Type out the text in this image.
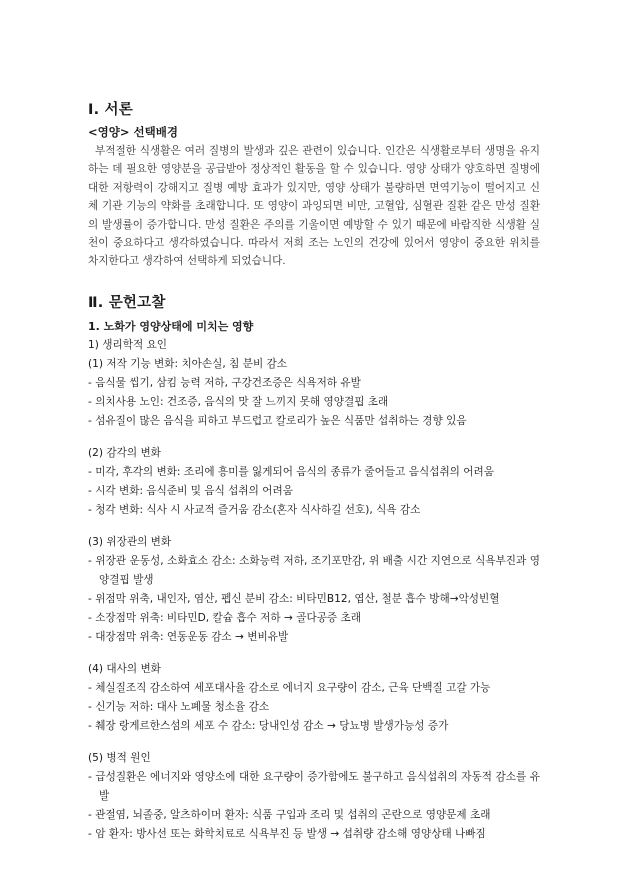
Ⅰ. 서론
<영양> 선택배경

부적절한 식생활은 여러 질병의 발생과 깊은 관련이 있습니다. 인간은 식생활로부터 생명을 유지하는 데 필요한 영양분을 공급받아 정상적인 활동을 할 수 있습니다. 영양 상태가 양호하면 질병에 대한 저항력이 강해지고 질병 예방 효과가 있지만, 영양 상태가 불량하면 면역기능이 떨어지고 신체 기관 기능의 약화를 초래합니다. 또 영양이 과잉되면 비만, 고혈압, 심혈관 질환 같은 만성 질환의 발생률이 증가합니다. 만성 질환은 주의를 기울이면 예방할 수 있기 때문에 바람직한 식생활 실천이 중요하다고 생각하였습니다. 따라서 저희 조는 노인의 건강에 있어서 영양이 중요한 위치를 차지한다고 생각하여 선택하게 되었습니다.

Ⅱ. 문헌고찰
1. 노화가 영양상태에 미치는 영향
1) 생리학적 요인
(1) 저작 기능 변화: 치아손실, 침 분비 감소
- 음식물 씹기, 삼킴 능력 저하, 구강건조증은 식욕저하 유발
- 의치사용 노인: 건조증, 음식의 맛 잘 느끼지 못해 영양결핍 초래
- 섬유질이 많은 음식을 피하고 부드럽고 칼로리가 높은 식품만 섭취하는 경향 있음
(2) 감각의 변화
- 미각, 후각의 변화: 조리에 흥미를 잃게되어 음식의 종류가 줄어들고 음식섭취의 어려움
- 시각 변화: 음식준비 및 음식 섭취의 어려움
- 청각 변화: 식사 시 사교적 즐거움 감소(혼자 식사하길 선호), 식욕 감소
(3) 위장관의 변화
- 위장관 운동성, 소화효소 감소: 소화능력 저하, 조기포만감, 위 배출 시간 지연으로 식욕부진과 영양결핍 발생
- 위점막 위축, 내인자, 염산, 펩신 분비 감소: 비타민B12, 엽산, 철분 흡수 방해→악성빈혈
- 소장점막 위축: 비타민D, 칼슘 흡수 저하 → 골다공증 초래
- 대장점막 위축: 연동운동 감소 → 변비유발
(4) 대사의 변화
- 체실질조직 감소하여 세포대사율 감소로 에너지 요구량이 감소, 근육 단백질 고갈 가능
- 신기능 저하: 대사 노폐물 청소율 감소
- 췌장 랑게르한스섬의 세포 수 감소: 당내인성 감소 → 당뇨병 발생가능성 증가
(5) 병적 원인
- 급성질환은 에너지와 영양소에 대한 요구량이 증가함에도 불구하고 음식섭취의 자동적 감소를 유발
- 관절염, 뇌졸중, 알츠하이머 환자: 식품 구입과 조리 및 섭취의 곤란으로 영양문제 초래
- 암 환자: 방사선 또는 화학치료로 식욕부진 등 발생 → 섭취량 감소해 영양상태 나빠짐
